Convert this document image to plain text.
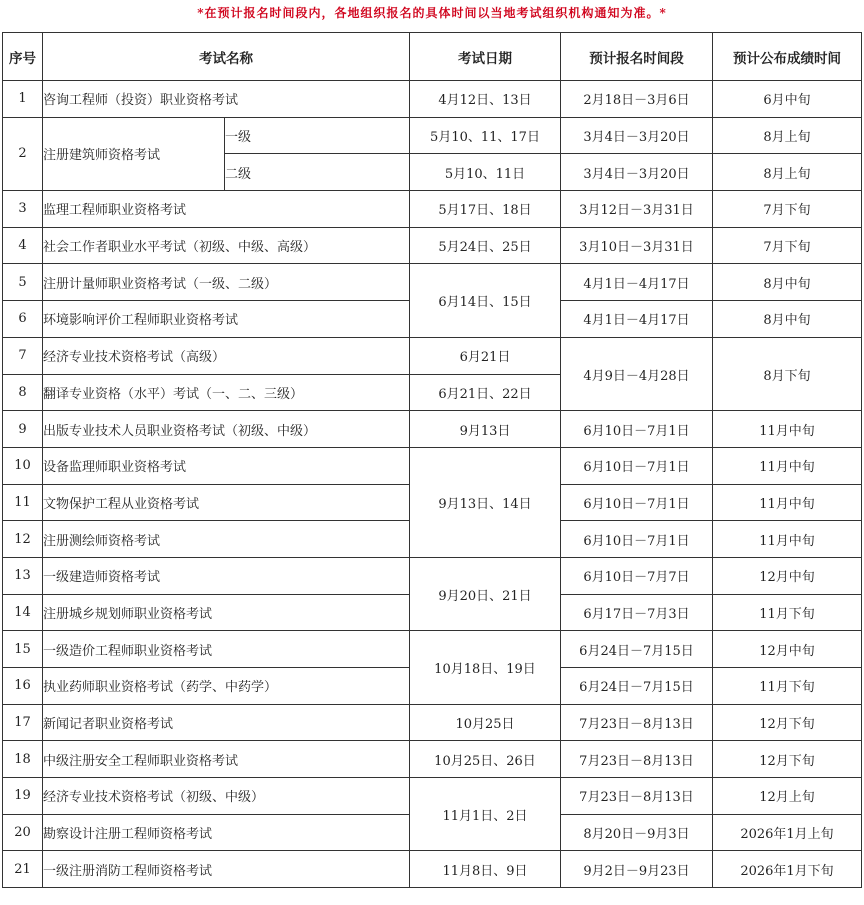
*在预计报名时间段内，各地组织报名的具体时间以当地考试组织机构通知为准。*
序号	考试名称		考试日期	预计报名时间段	预计公布成绩时间
1	咨询工程师（投资）职业资格考试		4月12日、13日	2月18日－3月6日	6月中旬
2	注册建筑师资格考试	一级	5月10、11、17日	3月4日－3月20日	8月上旬
		二级	5月10、11日	3月4日－3月20日	8月上旬
3	监理工程师职业资格考试		5月17日、18日	3月12日－3月31日	7月下旬
4	社会工作者职业水平考试（初级、中级、高级）		5月24日、25日	3月10日－3月31日	7月下旬
5	注册计量师职业资格考试（一级、二级）		6月14日、15日	4月1日－4月17日	8月中旬
6	环境影响评价工程师职业资格考试			4月1日－4月17日	8月中旬
7	经济专业技术资格考试（高级）		6月21日	4月9日－4月28日	8月下旬
8	翻译专业资格（水平）考试（一、二、三级）		6月21日、22日		
9	出版专业技术人员职业资格考试（初级、中级）		9月13日	6月10日－7月1日	11月中旬
10	设备监理师职业资格考试		9月13日、14日	6月10日－7月1日	11月中旬
11	文物保护工程从业资格考试			6月10日－7月1日	11月中旬
12	注册测绘师资格考试			6月10日－7月1日	11月中旬
13	一级建造师资格考试		9月20日、21日	6月10日－7月7日	12月中旬
14	注册城乡规划师职业资格考试			6月17日－7月3日	11月下旬
15	一级造价工程师职业资格考试		10月18日、19日	6月24日－7月15日	12月中旬
16	执业药师职业资格考试（药学、中药学）			6月24日－7月15日	11月下旬
17	新闻记者职业资格考试		10月25日	7月23日－8月13日	12月下旬
18	中级注册安全工程师职业资格考试		10月25日、26日	7月23日－8月13日	12月下旬
19	经济专业技术资格考试（初级、中级）		11月1日、2日	7月23日－8月13日	12月上旬
20	勘察设计注册工程师资格考试			8月20日－9月3日	2026年1月上旬
21	一级注册消防工程师资格考试		11月8日、9日	9月2日－9月23日	2026年1月下旬
